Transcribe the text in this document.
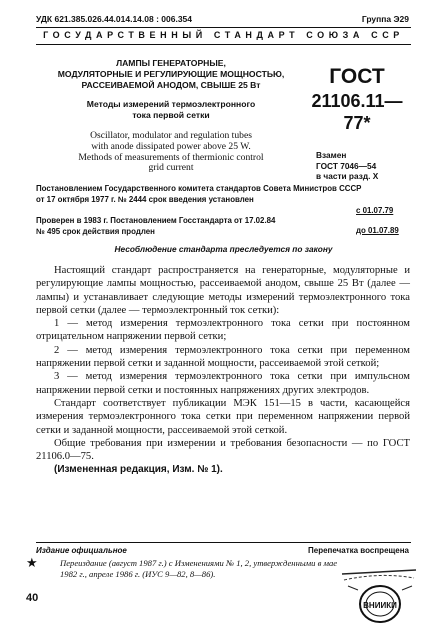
УДК 621.385.026.44.014.14.08 : 006.354	Группа Э29
ГОСУДАРСТВЕННЫЙ СТАНДАРТ СОЮЗА ССР
ЛАМПЫ ГЕНЕРАТОРНЫЕ,
МОДУЛЯТОРНЫЕ И РЕГУЛИРУЮЩИЕ МОЩНОСТЬЮ,
РАССЕИВАЕМОЙ АНОДОМ, СВЫШЕ 25 Вт
Методы измерений термоэлектронного
тока первой сетки
Oscillator, modulator and regulation tubes
with anode dissipated power above 25 W.
Methods of measurements of thermionic control
grid current
ГОСТ
21106.11—77*
Взамен
ГОСТ 7046—54
в части разд. X
Постановлением Государственного комитета стандартов Совета Министров СССР
от 17 октября 1977 г. № 2444 срок введения установлен
с 01.07.79
Проверен в 1983 г. Постановлением Госстандарта от 17.02.84
№ 495 срок действия продлен	до 01.07.89
Несоблюдение стандарта преследуется по закону

Настоящий стандарт распространяется на генераторные, модуляторные и регулирующие лампы мощностью, рассеиваемой анодом, свыше 25 Вт (далее — лампы) и устанавливает следующие методы измерений термоэлектронного тока первой сетки (далее — термоэлектронный ток сетки):

1 — метод измерения термоэлектронного тока сетки при постоянном отрицательном напряжении первой сетки;

2 — метод измерения термоэлектронного тока сетки при переменном напряжении первой сетки и заданной мощности, рассеиваемой этой сеткой;

3 — метод измерения термоэлектронного тока сетки при импульсном напряжении первой сетки и постоянных напряжениях других электродов.

Стандарт соответствует публикации МЭК 151—15 в части, касающейся измерения термоэлектронного тока сетки при переменном напряжении первой сетки и заданной мощности, рассеиваемой этой сеткой.

Общие требования при измерении и требования безопасности — по ГОСТ 21106.0—75.

(Измененная редакция, Изм. № 1).

Издание официальное	Перепечатка воспрещена
★	Переиздание (август 1987 г.) с Изменениями № 1, 2, утвержденными в мае 1982 г., апреле 1986 г. (ИУС 9—82, 8—86).
40
ВНИИКИ
